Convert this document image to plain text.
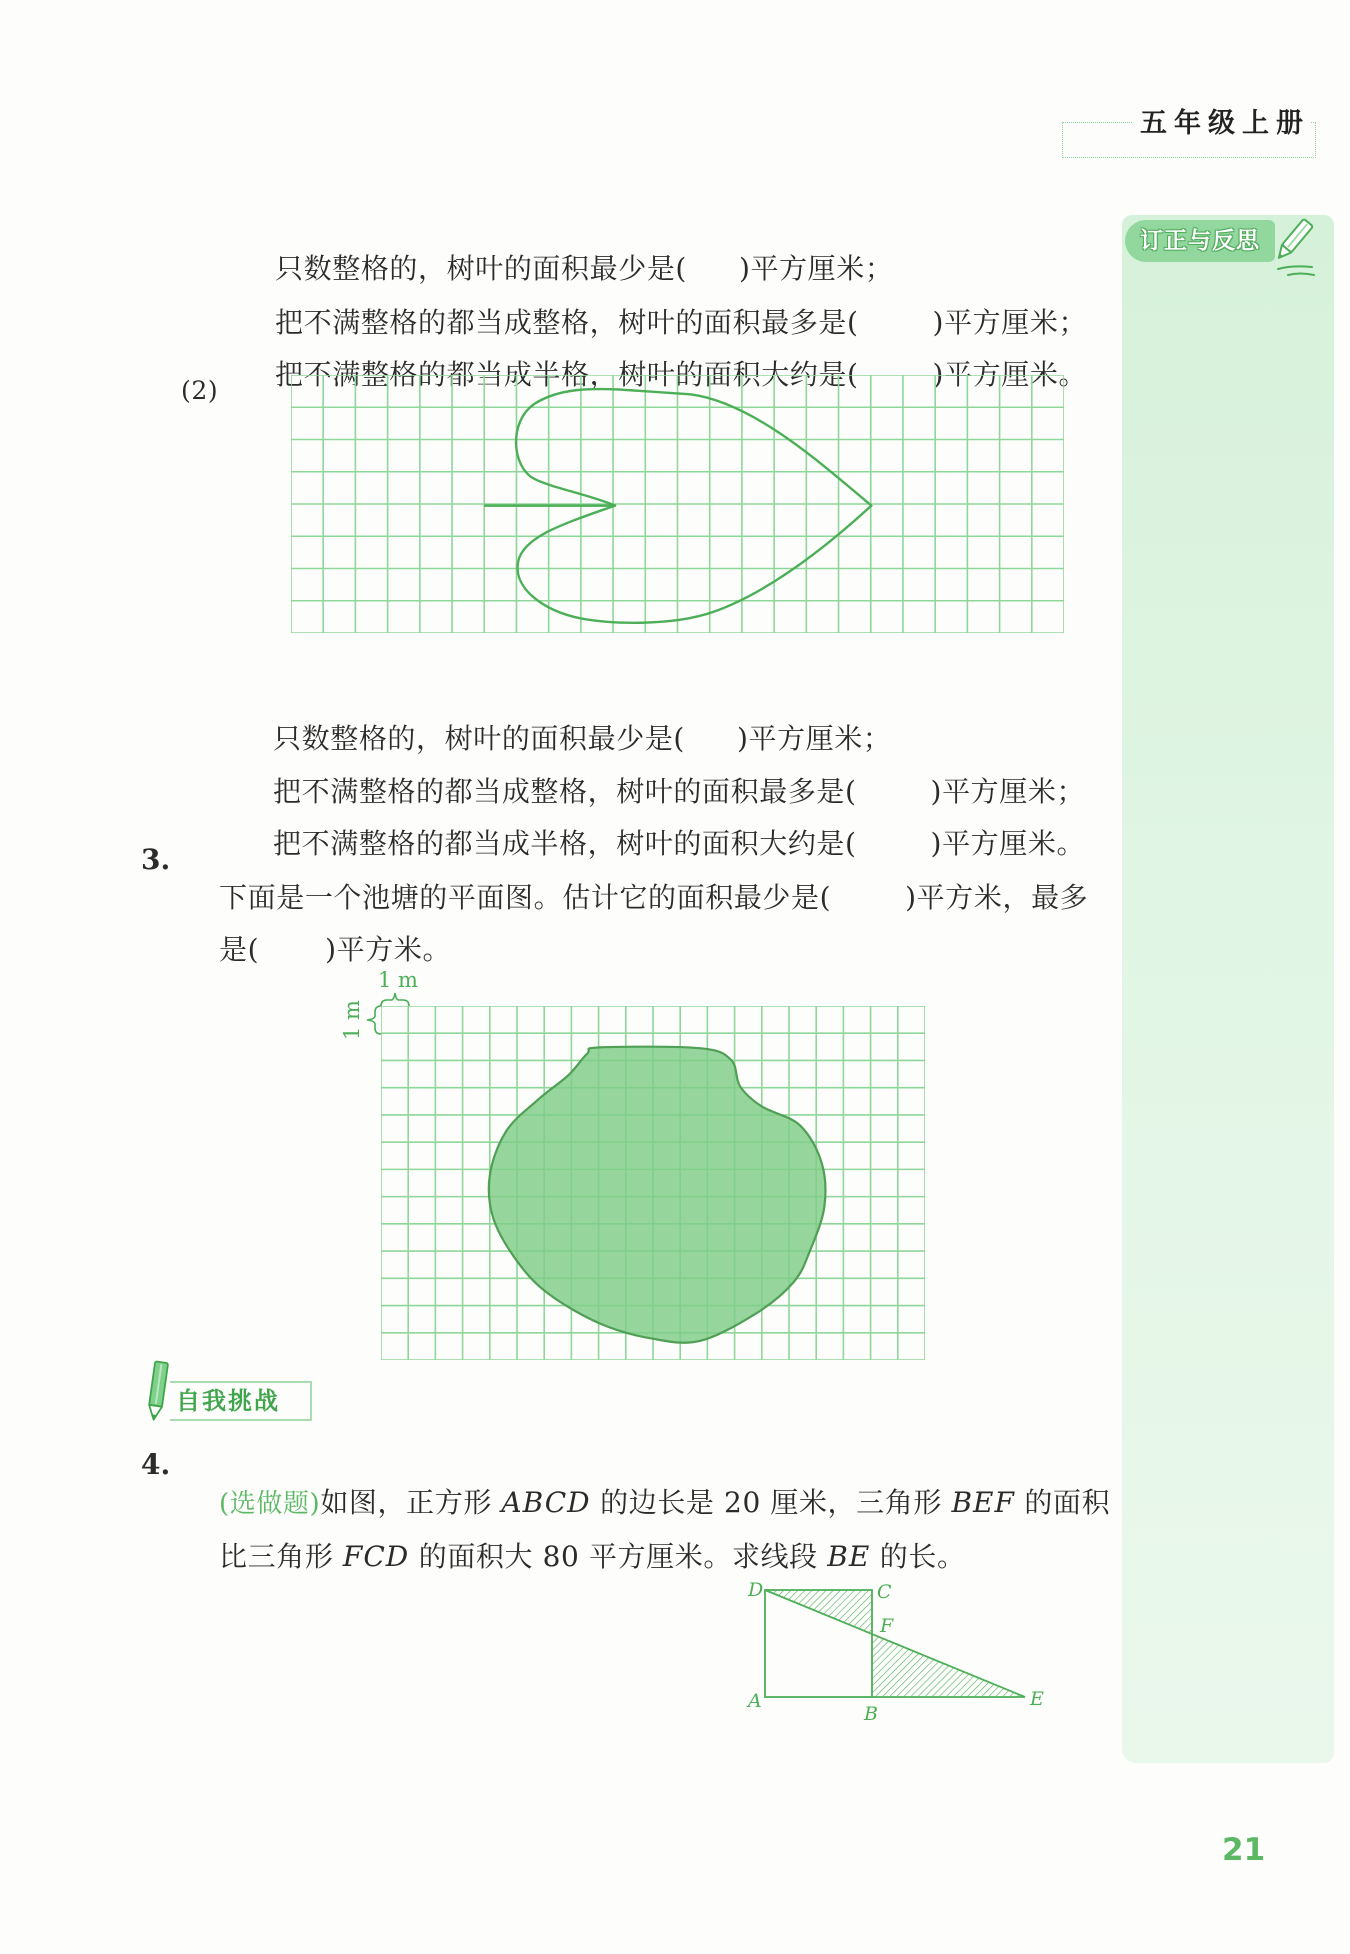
五年级上册
订正与反思

只数整格的，树叶的面积最少是( )平方厘米；

把不满整格的都当成整格，树叶的面积最多是(	)平方厘米；

把不满整格的都当成半格，树叶的面积大约是(	)平方厘米。

(2)

只数整格的，树叶的面积最少是( )平方厘米；

把不满整格的都当成整格，树叶的面积最多是(	)平方厘米；

把不满整格的都当成半格，树叶的面积大约是(	)平方厘米。

3.

下面是一个池塘的平面图。估计它的面积最少是(	)平方米，最多

是( )平方米。

1 m
1 m
自我挑战
4.

(选做题)如图，正方形 ABCD 的边长是 20 厘米，三角形 BEF 的面积

比三角形 FCD 的面积大 80 平方厘米。求线段 BE 的长。

D	C
F
A
B
E
21
